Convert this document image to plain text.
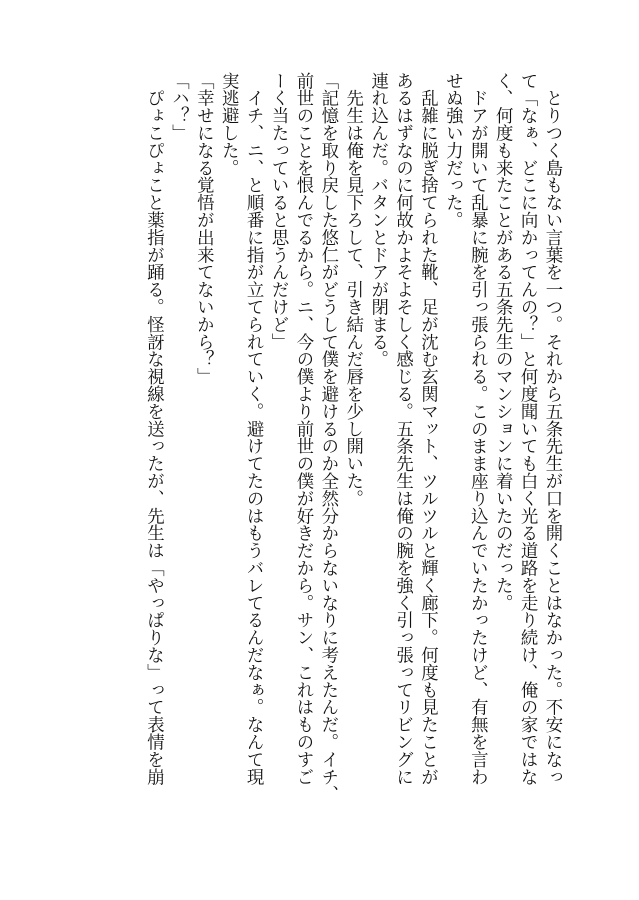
　とりつく島もない言葉を一つ。それから五条先生が口を開くことはなかった。不安になっ
て「なぁ、どこに向かってんの？」と何度聞いても白く光る道路を走り続け、俺の家ではな
く、何度も来たことがある五条先生のマンションに着いたのだった。
　ドアが開いて乱暴に腕を引っ張られる。このまま座り込んでいたかったけど、有無を言わ
せぬ強い力だった。
　乱雑に脱ぎ捨てられた靴、足が沈む玄関マット、ツルツルと輝く廊下。何度も見たことが
あるはずなのに何故かよそよそしく感じる。五条先生は俺の腕を強く引っ張ってリビングに
連れ込んだ。バタンとドアが閉まる。
　先生は俺を見下ろして、引き結んだ唇を少し開いた。
「記憶を取り戻した悠仁がどうして僕を避けるのか全然分からないなりに考えたんだ。イチ、
前世のことを恨んでるから。ニ、今の僕より前世の僕が好きだから。サン、これはものすご
ーく当たっていると思うんだけど」
　イチ、ニ、と順番に指が立てられていく。避けてたのはもうバレてるんだなぁ。なんて現
実逃避した。
「幸せになる覚悟が出来てないから？」
「ハ？」
　ぴょこぴょこと薬指が踊る。怪訝な視線を送ったが、先生は「やっぱりな」って表情を崩
